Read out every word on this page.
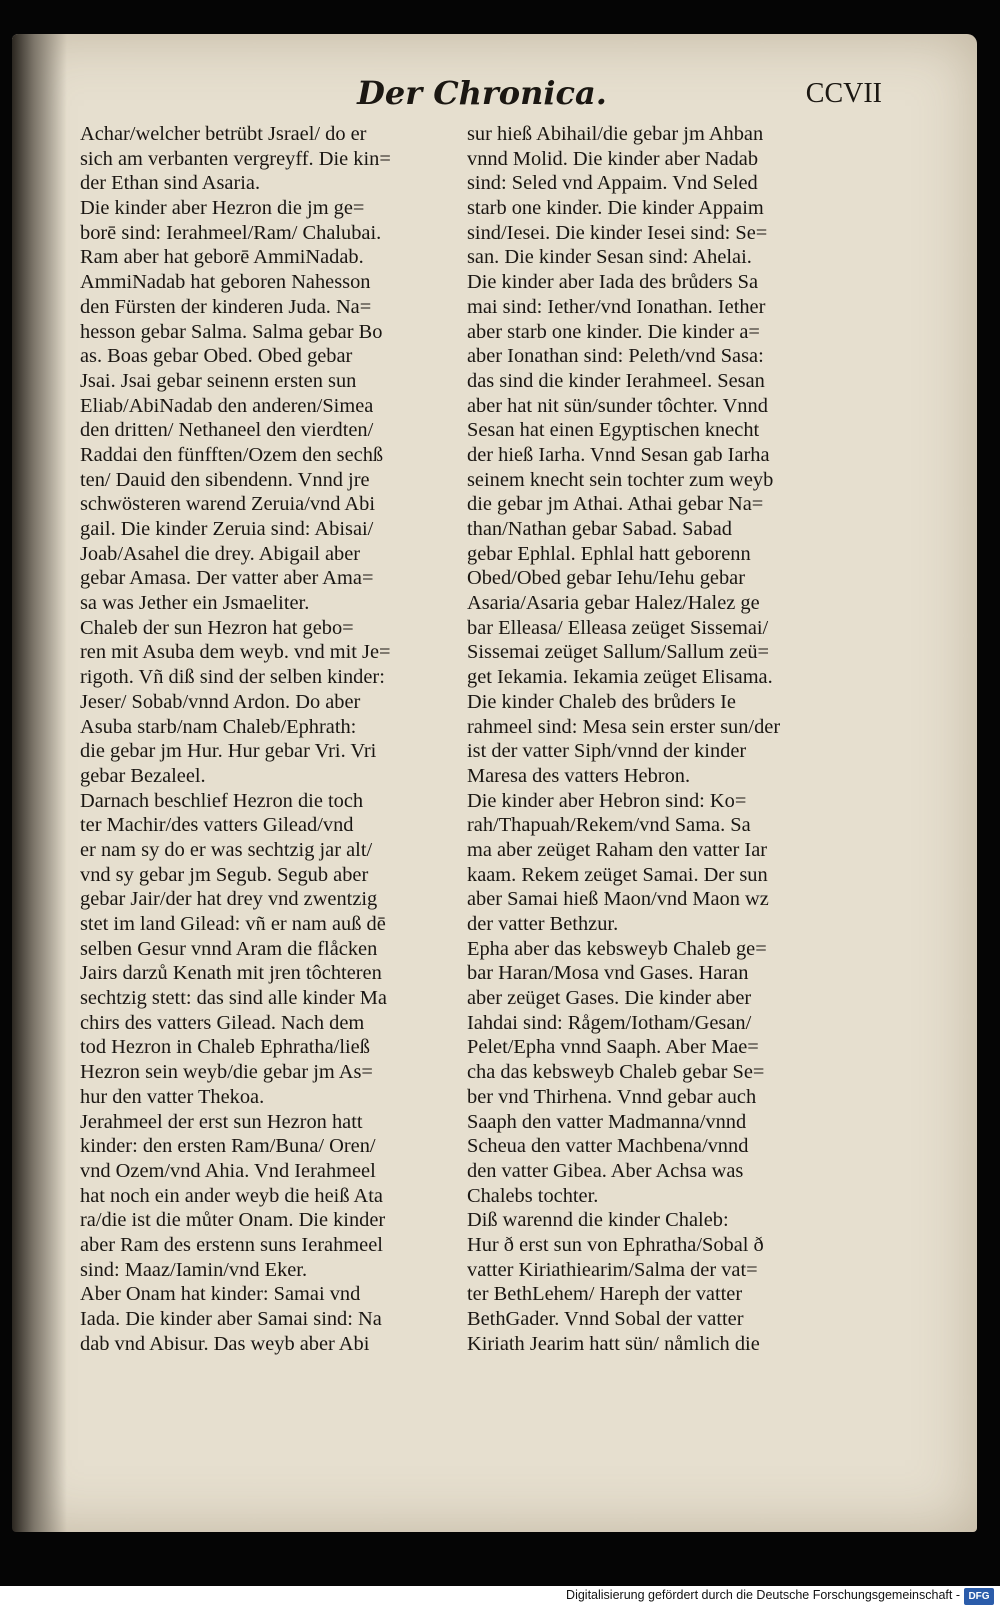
Der Chronica.	CCVII
Achar/welcher betrübt Jsrael/ do er
sich am verbanten vergreyff. Die kin=
der Ethan sind Asaria.
Die kinder aber Hezron die jm ge=
borē sind: Ierahmeel/Ram/ Chalubai.
Ram aber hat geborē AmmiNadab.
AmmiNadab hat geboren Nahesson
den Fürsten der kinderen Juda. Na=
hesson gebar Salma. Salma gebar Bo
as. Boas gebar Obed. Obed gebar
Jsai. Jsai gebar seinenn ersten sun
Eliab/AbiNadab den anderen/Simea
den dritten/ Nethaneel den vierdten/
Raddai den fünfften/Ozem den sechß
ten/ Dauid den sibendenn. Vnnd jre
schwösteren warend Zeruia/vnd Abi
gail. Die kinder Zeruia sind: Abisai/
Joab/Asahel die drey. Abigail aber
gebar Amasa. Der vatter aber Ama=
sa was Jether ein Jsmaeliter.
Chaleb der sun Hezron hat gebo=
ren mit Asuba dem weyb. vnd mit Je=
rigoth. Vñ diß sind der selben kinder:
Jeser/ Sobab/vnnd Ardon. Do aber
Asuba starb/nam Chaleb/Ephrath:
die gebar jm Hur. Hur gebar Vri. Vri
gebar Bezaleel.
Darnach beschlief Hezron die toch
ter Machir/des vatters Gilead/vnd
er nam sy do er was sechtzig jar alt/
vnd sy gebar jm Segub. Segub aber
gebar Jair/der hat drey vnd zwentzig
stet im land Gilead: vñ er nam auß dē
selben Gesur vnnd Aram die flåcken
Jairs darzů Kenath mit jren tôchteren
sechtzig stett: das sind alle kinder Ma
chirs des vatters Gilead. Nach dem
tod Hezron in Chaleb Ephratha/ließ
Hezron sein weyb/die gebar jm As=
hur den vatter Thekoa.
Jerahmeel der erst sun Hezron hatt
kinder: den ersten Ram/Buna/ Oren/
vnd Ozem/vnd Ahia. Vnd Ierahmeel
hat noch ein ander weyb die heiß Ata
ra/die ist die můter Onam. Die kinder
aber Ram des erstenn suns Ierahmeel
sind: Maaz/Iamin/vnd Eker.
Aber Onam hat kinder: Samai vnd
Iada. Die kinder aber Samai sind: Na
dab vnd Abisur. Das weyb aber Abi
sur hieß Abihail/die gebar jm Ahban
vnnd Molid. Die kinder aber Nadab
sind: Seled vnd Appaim. Vnd Seled
starb one kinder. Die kinder Appaim
sind/Iesei. Die kinder Iesei sind: Se=
san. Die kinder Sesan sind: Ahelai.
Die kinder aber Iada des brůders Sa
mai sind: Iether/vnd Ionathan. Iether
aber starb one kinder. Die kinder a=
aber Ionathan sind: Peleth/vnd Sasa:
das sind die kinder Ierahmeel. Sesan
aber hat nit sün/sunder tôchter. Vnnd
Sesan hat einen Egyptischen knecht
der hieß Iarha. Vnnd Sesan gab Iarha
seinem knecht sein tochter zum weyb
die gebar jm Athai. Athai gebar Na=
than/Nathan gebar Sabad. Sabad
gebar Ephlal. Ephlal hatt geborenn
Obed/Obed gebar Iehu/Iehu gebar
Asaria/Asaria gebar Halez/Halez ge
bar Elleasa/ Elleasa zeüget Sissemai/
Sissemai zeüget Sallum/Sallum zeü=
get Iekamia. Iekamia zeüget Elisama.
Die kinder Chaleb des brůders Ie
rahmeel sind: Mesa sein erster sun/der
ist der vatter Siph/vnnd der kinder
Maresa des vatters Hebron.
Die kinder aber Hebron sind: Ko=
rah/Thapuah/Rekem/vnd Sama. Sa
ma aber zeüget Raham den vatter Iar
kaam. Rekem zeüget Samai. Der sun
aber Samai hieß Maon/vnd Maon wz
der vatter Bethzur.
Epha aber das kebsweyb Chaleb ge=
bar Haran/Mosa vnd Gases. Haran
aber zeüget Gases. Die kinder aber
Iahdai sind: Rågem/Iotham/Gesan/
Pelet/Epha vnnd Saaph. Aber Mae=
cha das kebsweyb Chaleb gebar Se=
ber vnd Thirhena. Vnnd gebar auch
Saaph den vatter Madmanna/vnnd
Scheua den vatter Machbena/vnnd
den vatter Gibea. Aber Achsa was
Chalebs tochter.
Diß warennd die kinder Chaleb:
Hur ð erst sun von Ephratha/Sobal ð
vatter Kiriathiearim/Salma der vat=
ter BethLehem/ Hareph der vatter
BethGader. Vnnd Sobal der vatter
Kiriath Jearim hatt sün/ nåmlich die
Digitalisierung gefördert durch die Deutsche Forschungsgemeinschaft - DFG
